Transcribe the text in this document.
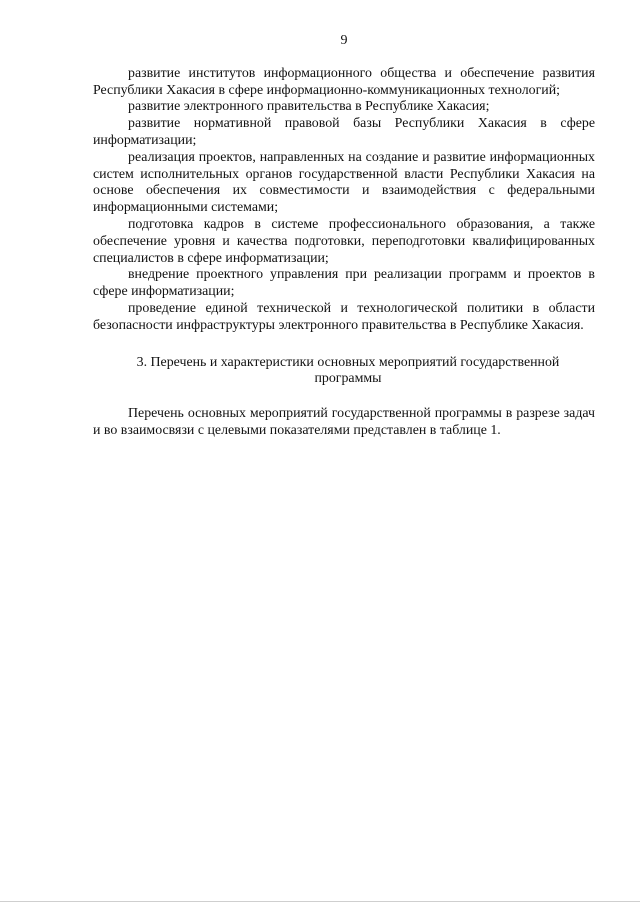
9

развитие институтов информационного общества и обеспечение развития Республики Хакасия в сфере информационно-коммуникационных технологий;

развитие электронного правительства в Республике Хакасия;

развитие нормативной правовой базы Республики Хакасия в сфере информатизации;

реализация проектов, направленных на создание и развитие информационных систем исполнительных органов государственной власти Республики Хакасия на основе обеспечения их совместимости и взаимодействия с федеральными информационными системами;

подготовка кадров в системе профессионального образования, а также обеспечение уровня и качества подготовки, переподготовки квалифицированных специалистов в сфере информатизации;

внедрение проектного управления при реализации программ и проектов в сфере информатизации;

проведение единой технической и технологической политики в области безопасности инфраструктуры электронного правительства в Республике Хакасия.

3. Перечень и характеристики основных мероприятий государственной программы

Перечень основных мероприятий государственной программы в разрезе задач и во взаимосвязи с целевыми показателями представлен в таблице 1.
